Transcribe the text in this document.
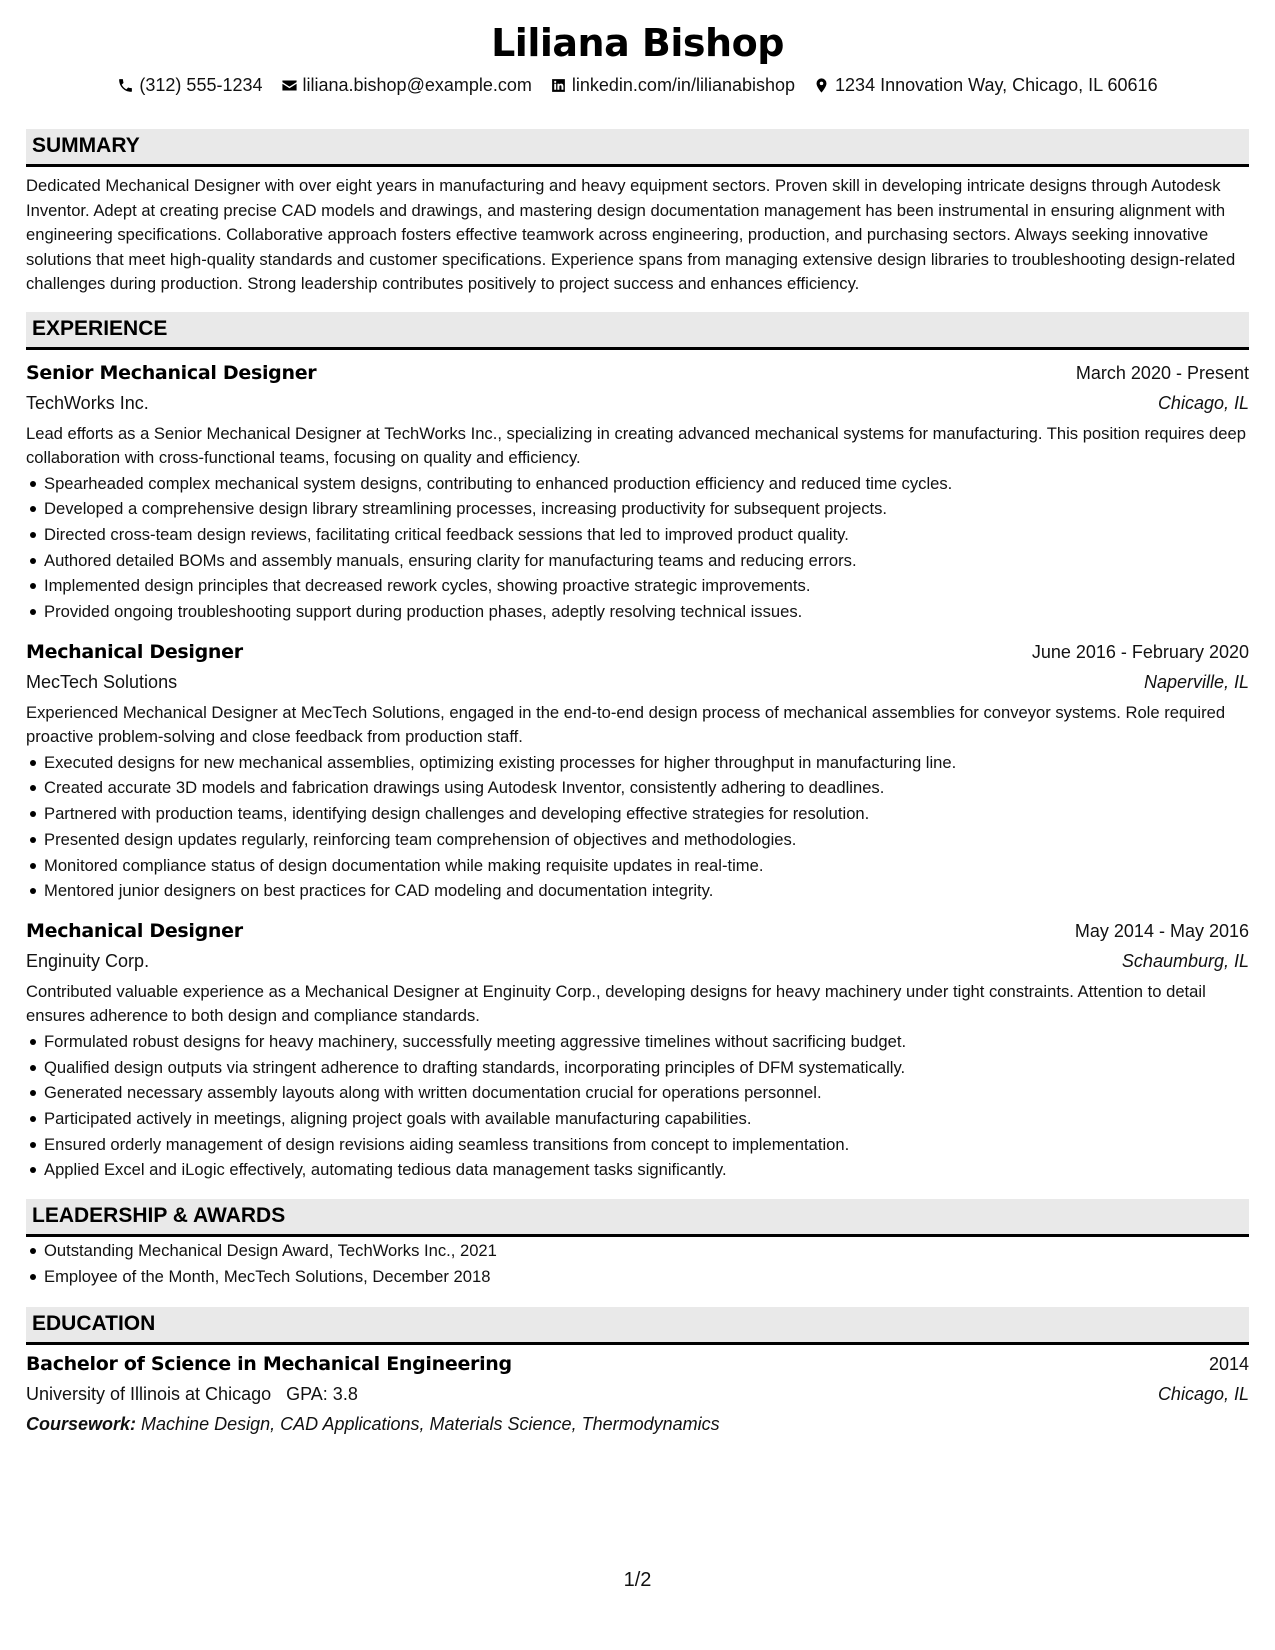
Liliana Bishop
(312) 555-1234 liliana.bishop@example.com linkedin.com/in/lilianabishop 1234 Innovation Way, Chicago, IL 60616
SUMMARY

Dedicated Mechanical Designer with over eight years in manufacturing and heavy equipment sectors. Proven skill in developing intricate designs through Autodesk Inventor. Adept at creating precise CAD models and drawings, and mastering design documentation management has been instrumental in ensuring alignment with engineering specifications. Collaborative approach fosters effective teamwork across engineering, production, and purchasing sectors. Always seeking innovative solutions that meet high-quality standards and customer specifications. Experience spans from managing extensive design libraries to troubleshooting design-related challenges during production. Strong leadership contributes positively to project success and enhances efficiency.

EXPERIENCE
Senior Mechanical Designer	March 2020 - Present
TechWorks Inc.	Chicago, IL

Lead efforts as a Senior Mechanical Designer at TechWorks Inc., specializing in creating advanced mechanical systems for manufacturing. This position requires deep collaboration with cross-functional teams, focusing on quality and efficiency.

Spearheaded complex mechanical system designs, contributing to enhanced production efficiency and reduced time cycles.
Developed a comprehensive design library streamlining processes, increasing productivity for subsequent projects.
Directed cross-team design reviews, facilitating critical feedback sessions that led to improved product quality.
Authored detailed BOMs and assembly manuals, ensuring clarity for manufacturing teams and reducing errors.
Implemented design principles that decreased rework cycles, showing proactive strategic improvements.
Provided ongoing troubleshooting support during production phases, adeptly resolving technical issues.
Mechanical Designer	June 2016 - February 2020
MecTech Solutions	Naperville, IL

Experienced Mechanical Designer at MecTech Solutions, engaged in the end-to-end design process of mechanical assemblies for conveyor systems. Role required proactive problem-solving and close feedback from production staff.

Executed designs for new mechanical assemblies, optimizing existing processes for higher throughput in manufacturing line.
Created accurate 3D models and fabrication drawings using Autodesk Inventor, consistently adhering to deadlines.
Partnered with production teams, identifying design challenges and developing effective strategies for resolution.
Presented design updates regularly, reinforcing team comprehension of objectives and methodologies.
Monitored compliance status of design documentation while making requisite updates in real-time.
Mentored junior designers on best practices for CAD modeling and documentation integrity.
Mechanical Designer	May 2014 - May 2016
Enginuity Corp.	Schaumburg, IL

Contributed valuable experience as a Mechanical Designer at Enginuity Corp., developing designs for heavy machinery under tight constraints. Attention to detail ensures adherence to both design and compliance standards.

Formulated robust designs for heavy machinery, successfully meeting aggressive timelines without sacrificing budget.
Qualified design outputs via stringent adherence to drafting standards, incorporating principles of DFM systematically.
Generated necessary assembly layouts along with written documentation crucial for operations personnel.
Participated actively in meetings, aligning project goals with available manufacturing capabilities.
Ensured orderly management of design revisions aiding seamless transitions from concept to implementation.
Applied Excel and iLogic effectively, automating tedious data management tasks significantly.
LEADERSHIP & AWARDS
Outstanding Mechanical Design Award, TechWorks Inc., 2021
Employee of the Month, MecTech Solutions, December 2018
EDUCATION
Bachelor of Science in Mechanical Engineering	2014
University of Illinois at Chicago GPA: 3.8	Chicago, IL
Coursework: Machine Design, CAD Applications, Materials Science, Thermodynamics
1/2
